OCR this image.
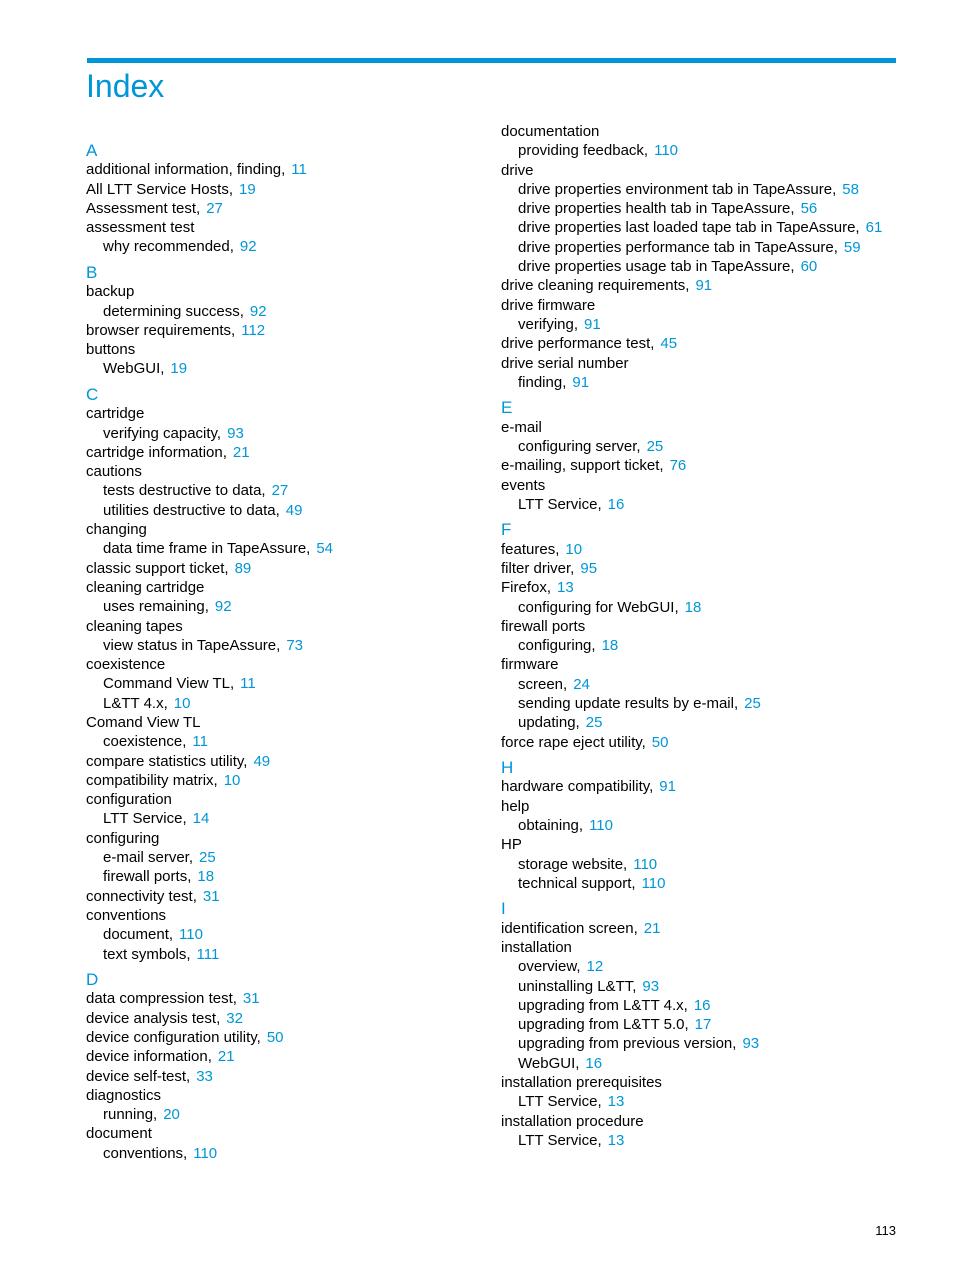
Index
A
additional information, finding, 11
All LTT Service Hosts, 19
Assessment test, 27
assessment test
why recommended, 92
B
backup
determining success, 92
browser requirements, 112
buttons
WebGUI, 19
C
cartridge
verifying capacity, 93
cartridge information, 21
cautions
tests destructive to data, 27
utilities destructive to data, 49
changing
data time frame in TapeAssure, 54
classic support ticket, 89
cleaning cartridge
uses remaining, 92
cleaning tapes
view status in TapeAssure, 73
coexistence
Command View TL, 11
L&TT 4.x, 10
Comand View TL
coexistence, 11
compare statistics utility, 49
compatibility matrix, 10
configuration
LTT Service, 14
configuring
e-mail server, 25
firewall ports, 18
connectivity test, 31
conventions
document, 110
text symbols, 111
D
data compression test, 31
device analysis test, 32
device configuration utility, 50
device information, 21
device self-test, 33
diagnostics
running, 20
document
conventions, 110
documentation
providing feedback, 110
drive
drive properties environment tab in TapeAssure, 58
drive properties health tab in TapeAssure, 56
drive properties last loaded tape tab in TapeAssure, 61
drive properties performance tab in TapeAssure, 59
drive properties usage tab in TapeAssure, 60
drive cleaning requirements, 91
drive firmware
verifying, 91
drive performance test, 45
drive serial number
finding, 91
E
e-mail
configuring server, 25
e-mailing, support ticket, 76
events
LTT Service, 16
F
features, 10
filter driver, 95
Firefox, 13
configuring for WebGUI, 18
firewall ports
configuring, 18
firmware
screen, 24
sending update results by e-mail, 25
updating, 25
force rape eject utility, 50
H
hardware compatibility, 91
help
obtaining, 110
HP
storage website, 110
technical support, 110
I
identification screen, 21
installation
overview, 12
uninstalling L&TT, 93
upgrading from L&TT 4.x, 16
upgrading from L&TT 5.0, 17
upgrading from previous version, 93
WebGUI, 16
installation prerequisites
LTT Service, 13
installation procedure
LTT Service, 13
113
